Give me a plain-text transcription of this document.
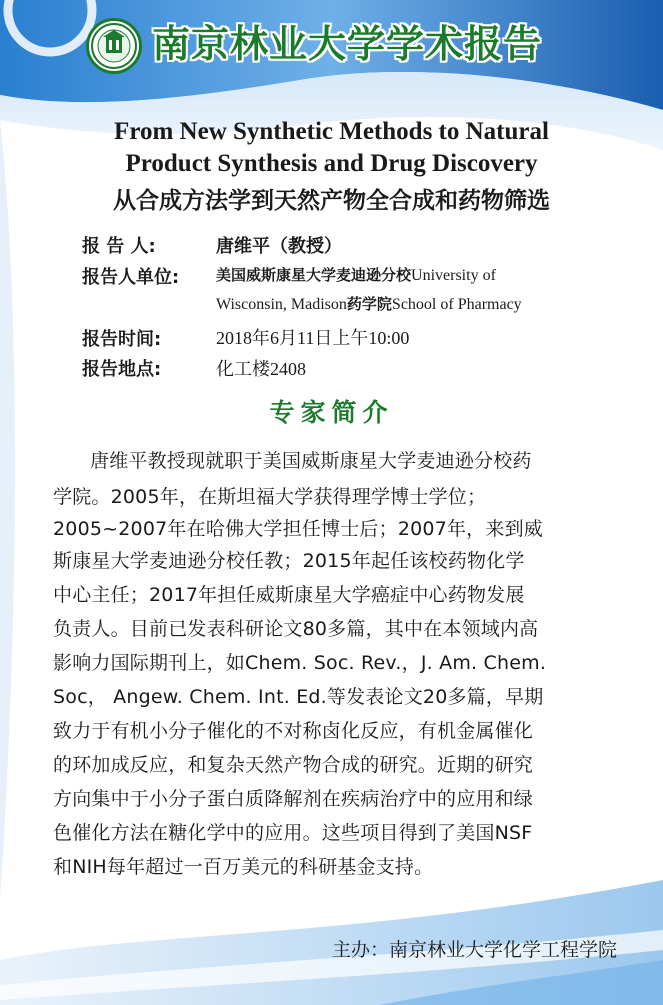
南京林业大学学术报告
From New Synthetic Methods to Natural
Product Synthesis and Drug Discovery
从合成方法学到天然产物全合成和药物筛选
报 告 人:	唐维平（教授）
报告人单位: 美国威斯康星大学麦迪逊分校University of
Wisconsin, Madison药学院School of Pharmacy
报告时间:	2018年6月11日上午10:00
报告地点:	化工楼2408
专家简介
唐维平教授现就职于美国威斯康星大学麦迪逊分校药
学院。2005年，在斯坦福大学获得理学博士学位；
2005~2007年在哈佛大学担任博士后；2007年，来到威
斯康星大学麦迪逊分校任教；2015年起任该校药物化学
中心主任；2017年担任威斯康星大学癌症中心药物发展
负责人。目前已发表科研论文80多篇，其中在本领域内高
影响力国际期刊上，如Chem. Soc. Rev.，J. Am. Chem.
Soc， Angew. Chem. Int. Ed.等发表论文20多篇，早期
致力于有机小分子催化的不对称卤化反应，有机金属催化
的环加成反应，和复杂天然产物合成的研究。近期的研究
方向集中于小分子蛋白质降解剂在疾病治疗中的应用和绿
色催化方法在糖化学中的应用。这些项目得到了美国NSF
和NIH每年超过一百万美元的科研基金支持。
主办：南京林业大学化学工程学院
